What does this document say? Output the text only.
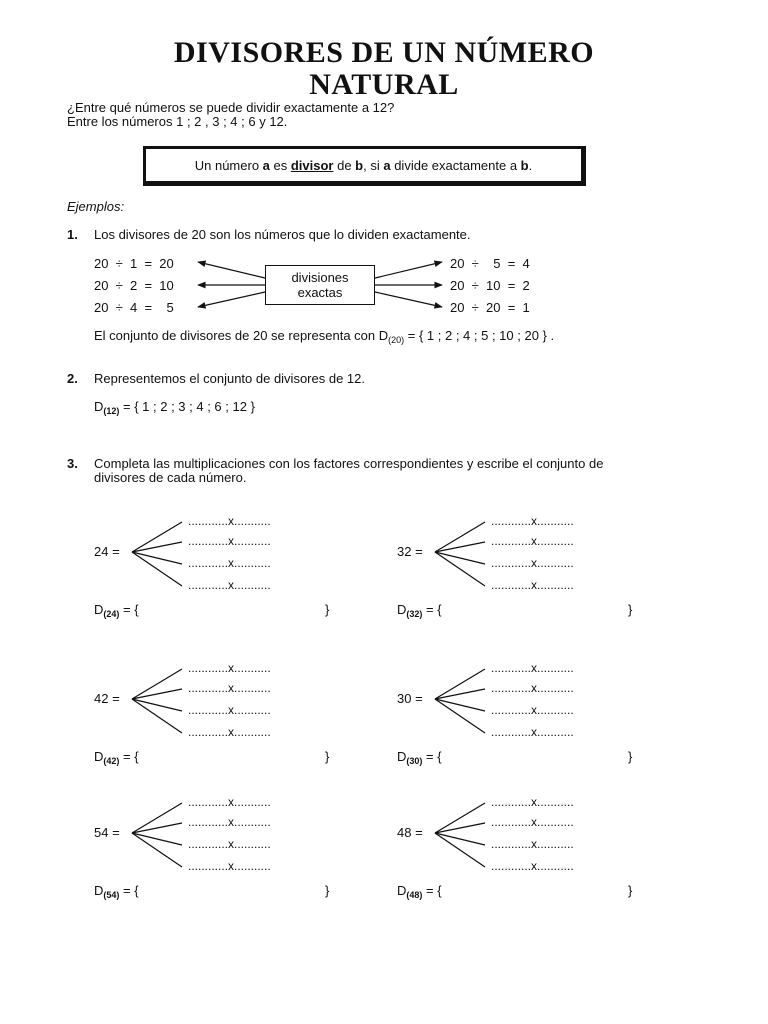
DIVISORES DE UN NÚMERO
NATURAL
¿Entre qué números se puede dividir exactamente a 12?
Entre los números 1 ; 2 , 3 ; 4 ; 6 y 12.
Un número a es divisor de b, si a divide exactamente a b.
Ejemplos:
1. Los divisores de 20 son los números que lo dividen exactamente.
20  ÷  1  =  20
20  ÷  2  =  10
20  ÷  4  =    5
20  ÷    5  =  4
20  ÷  10  =  2
20  ÷  20  =  1
divisiones
exactas
El conjunto de divisores de 20 se representa con $D_{(20)}$ = { 1 ; 2 ; 4 ; 5 ; 10 ; 20 } .
2. Representemos el conjunto de divisores de 12.
$D_{(12)}$ = { 1 ; 2 ; 3 ; 4 ; 6 ; 12 }
3. Completa las multiplicaciones con los factores correspondientes y escribe el conjunto de
divisores de cada número.
24 =
............x...........
............x...........
............x...........
............x...........
$D_{(24)}$ = {	}
32 =
............x...........
............x...........
............x...........
............x...........
$D_{(32)}$ = {	}
42 =
............x...........
............x...........
............x...........
............x...........
$D_{(42)}$ = {	}
30 =
............x...........
............x...........
............x...........
............x...........
$D_{(30)}$ = {	}
54 =
............x...........
............x...........
............x...........
............x...........
$D_{(54)}$ = {	}
48 =
............x...........
............x...........
............x...........
............x...........
$D_{(48)}$ = {	}
